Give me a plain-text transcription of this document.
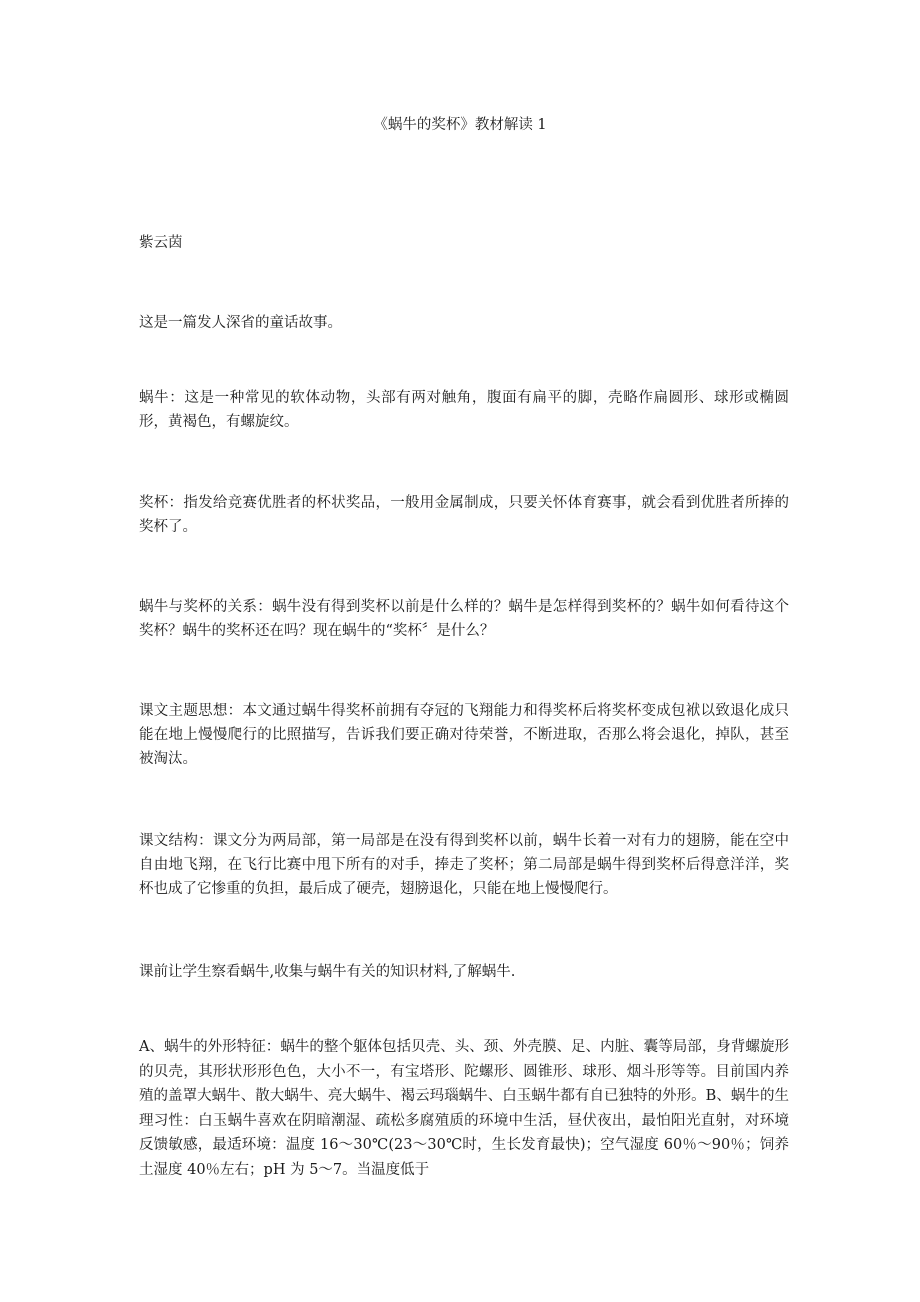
《蜗牛的奖杯》教材解读 1

紫云茵

这是一篇发人深省的童话故事。

蜗牛：这是一种常见的软体动物，头部有两对触角，腹面有扁平的脚，壳略作扁圆形、球形或椭圆形，黄褐色，有螺旋纹。

奖杯：指发给竞赛优胜者的杯状奖品，一般用金属制成，只要关怀体育赛事，就会看到优胜者所捧的奖杯了。

蜗牛与奖杯的关系：蜗牛没有得到奖杯以前是什么样的？蜗牛是怎样得到奖杯的？蜗牛如何看待这个奖杯？蜗牛的奖杯还在吗？现在蜗牛的“奖杯〞是什么？

课文主题思想：本文通过蜗牛得奖杯前拥有夺冠的飞翔能力和得奖杯后将奖杯变成包袱以致退化成只能在地上慢慢爬行的比照描写，告诉我们要正确对待荣誉，不断进取，否那么将会退化，掉队，甚至被淘汰。

课文结构：课文分为两局部，第一局部是在没有得到奖杯以前，蜗牛长着一对有力的翅膀，能在空中自由地飞翔，在飞行比赛中甩下所有的对手，捧走了奖杯；第二局部是蜗牛得到奖杯后得意洋洋，奖杯也成了它惨重的负担，最后成了硬壳，翅膀退化，只能在地上慢慢爬行。

课前让学生察看蜗牛,收集与蜗牛有关的知识材料,了解蜗牛.

A、蜗牛的外形特征：蜗牛的整个躯体包括贝壳、头、颈、外壳膜、足、内脏、囊等局部，身背螺旋形的贝壳，其形状形形色色，大小不一，有宝塔形、陀螺形、圆锥形、球形、烟斗形等等。目前国内养殖的盖罩大蜗牛、散大蜗牛、亮大蜗牛、褐云玛瑙蜗牛、白玉蜗牛都有自已独特的外形。B、蜗牛的生理习性：白玉蜗牛喜欢在阴暗潮湿、疏松多腐殖质的环境中生活，昼伏夜出，最怕阳光直射，对环境反馈敏感，最适环境：温度 16～30℃(23～30℃时，生长发育最快)；空气湿度 60％～90％；饲养土湿度 40％左右；pH 为 5～7。当温度低于
